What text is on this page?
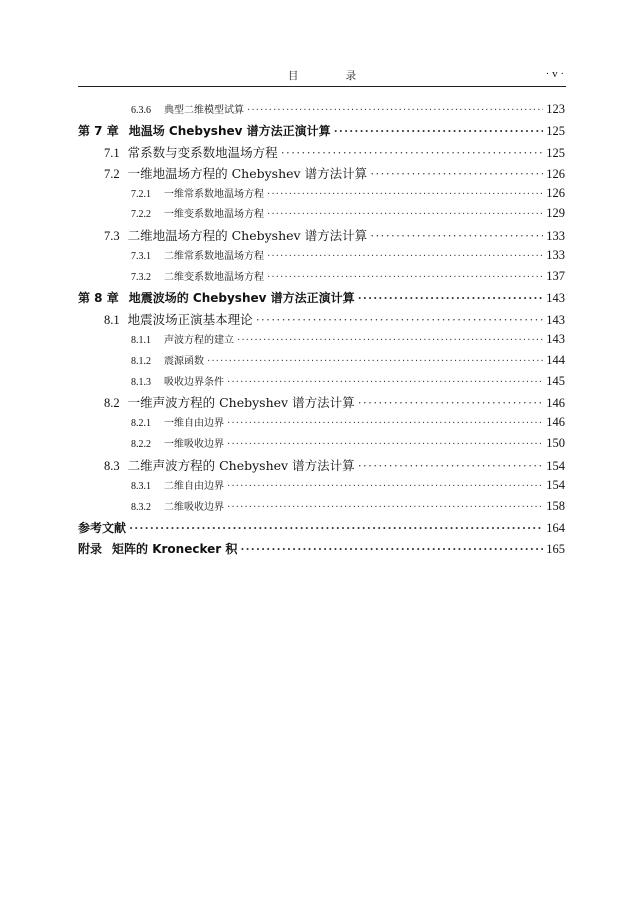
目 录	· v ·
6.3.6 典型二维模型试算 ·····	123
第 7 章 地温场 Chebyshev 谱方法正演计算 ·····	125
7.1 常系数与变系数地温场方程 ·····	125
7.2 一维地温场方程的 Chebyshev 谱方法计算 ·····	126
7.2.1 一维常系数地温场方程 ·····	126
7.2.2 一维变系数地温场方程 ·····	129
7.3 二维地温场方程的 Chebyshev 谱方法计算 ·····	133
7.3.1 二维常系数地温场方程 ·····	133
7.3.2 二维变系数地温场方程 ·····	137
第 8 章 地震波场的 Chebyshev 谱方法正演计算 ·····	143
8.1 地震波场正演基本理论 ·····	143
8.1.1 声波方程的建立 ·····	143
8.1.2 震源函数 ·····	144
8.1.3 吸收边界条件 ·····	145
8.2 一维声波方程的 Chebyshev 谱方法计算 ·····	146
8.2.1 一维自由边界 ·····	146
8.2.2 一维吸收边界 ·····	150
8.3 二维声波方程的 Chebyshev 谱方法计算 ·····	154
8.3.1 二维自由边界 ·····	154
8.3.2 二维吸收边界 ·····	158
参考文献 ·····	164
附录 矩阵的 Kronecker 积 ·····	165
